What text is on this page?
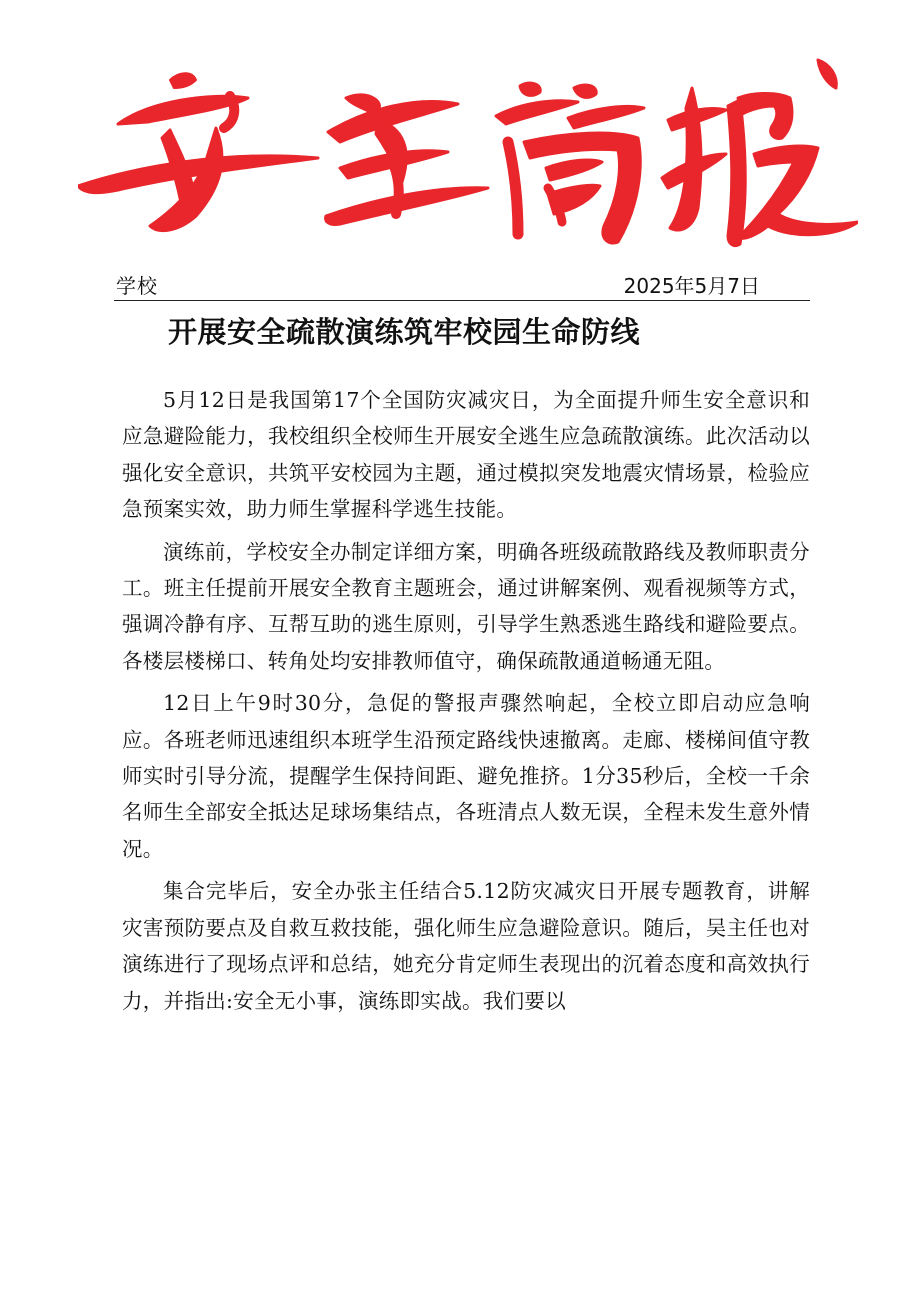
学校	2025年5月7日
开展安全疏散演练筑牢校园生命防线

5月12日是我国第17个全国防灾减灾日，为全面提升师生安全意识和应急避险能力，我校组织全校师生开展安全逃生应急疏散演练。此次活动以强化安全意识，共筑平安校园为主题，通过模拟突发地震灾情场景，检验应急预案实效，助力师生掌握科学逃生技能。

演练前，学校安全办制定详细方案，明确各班级疏散路线及教师职责分工。班主任提前开展安全教育主题班会，通过讲解案例、观看视频等方式，强调冷静有序、互帮互助的逃生原则，引导学生熟悉逃生路线和避险要点。各楼层楼梯口、转角处均安排教师值守，确保疏散通道畅通无阻。

12日上午9时30分，急促的警报声骤然响起，全校立即启动应急响应。各班老师迅速组织本班学生沿预定路线快速撤离。走廊、楼梯间值守教师实时引导分流，提醒学生保持间距、避免推挤。1分35秒后，全校一千余名师生全部安全抵达足球场集结点，各班清点人数无误，全程未发生意外情况。

集合完毕后，安全办张主任结合5.12防灾减灾日开展专题教育，讲解灾害预防要点及自救互救技能，强化师生应急避险意识。随后，吴主任也对演练进行了现场点评和总结，她充分肯定师生表现出的沉着态度和高效执行力，并指出:安全无小事，演练即实战。我们要以
